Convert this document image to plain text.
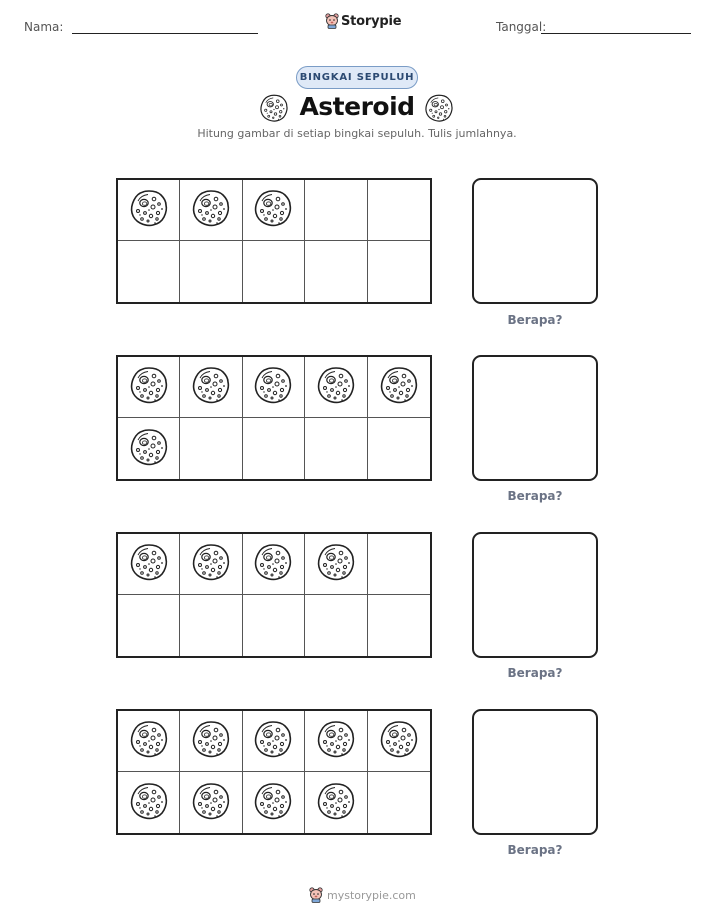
Nama:	Storypie	Tanggal:
BINGKAI SEPULUH
Asteroid
Hitung gambar di setiap bingkai sepuluh. Tulis jumlahnya.
Berapa?
Berapa?
Berapa?
Berapa?
mystorypie.com
